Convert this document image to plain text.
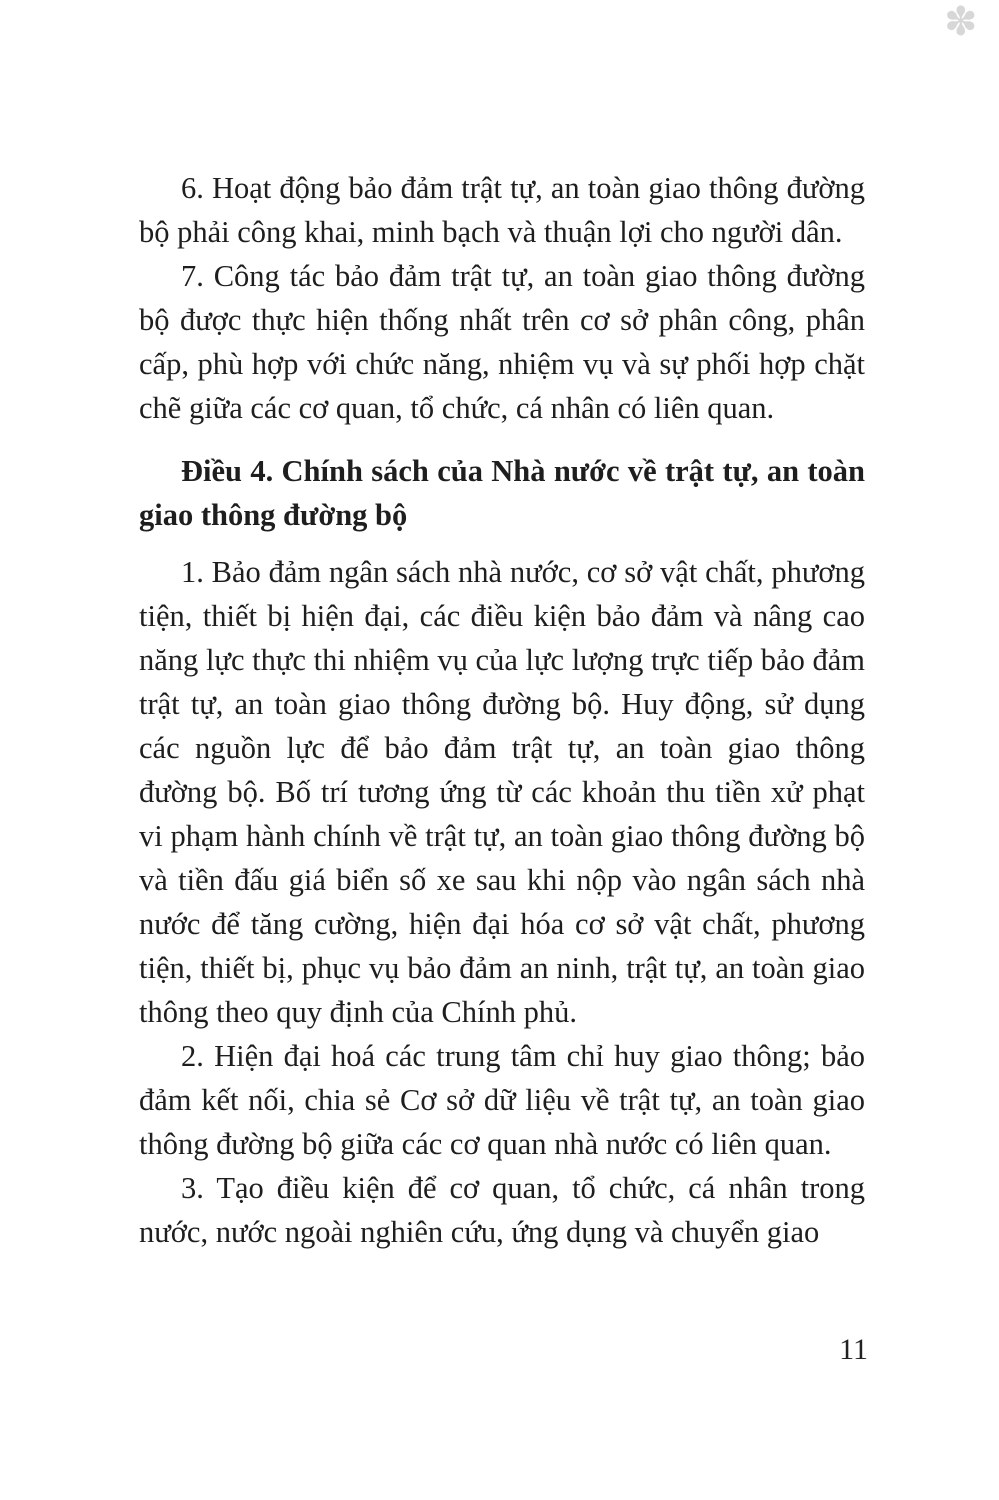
✽

6. Hoạt động bảo đảm trật tự, an toàn giao thông đường bộ phải công khai, minh bạch và thuận lợi cho người dân.

7. Công tác bảo đảm trật tự, an toàn giao thông đường bộ được thực hiện thống nhất trên cơ sở phân công, phân cấp, phù hợp với chức năng, nhiệm vụ và sự phối hợp chặt chẽ giữa các cơ quan, tổ chức, cá nhân có liên quan.

Điều 4. Chính sách của Nhà nước về trật tự, an toàn giao thông đường bộ

1. Bảo đảm ngân sách nhà nước, cơ sở vật chất, phương tiện, thiết bị hiện đại, các điều kiện bảo đảm và nâng cao năng lực thực thi nhiệm vụ của lực lượng trực tiếp bảo đảm trật tự, an toàn giao thông đường bộ. Huy động, sử dụng các nguồn lực để bảo đảm trật tự, an toàn giao thông đường bộ. Bố trí tương ứng từ các khoản thu tiền xử phạt vi phạm hành chính về trật tự, an toàn giao thông đường bộ và tiền đấu giá biển số xe sau khi nộp vào ngân sách nhà nước để tăng cường, hiện đại hóa cơ sở vật chất, phương tiện, thiết bị, phục vụ bảo đảm an ninh, trật tự, an toàn giao thông theo quy định của Chính phủ.

2. Hiện đại hoá các trung tâm chỉ huy giao thông; bảo đảm kết nối, chia sẻ Cơ sở dữ liệu về trật tự, an toàn giao thông đường bộ giữa các cơ quan nhà nước có liên quan.

3. Tạo điều kiện để cơ quan, tổ chức, cá nhân trong nước, nước ngoài nghiên cứu, ứng dụng và chuyển giao

11
